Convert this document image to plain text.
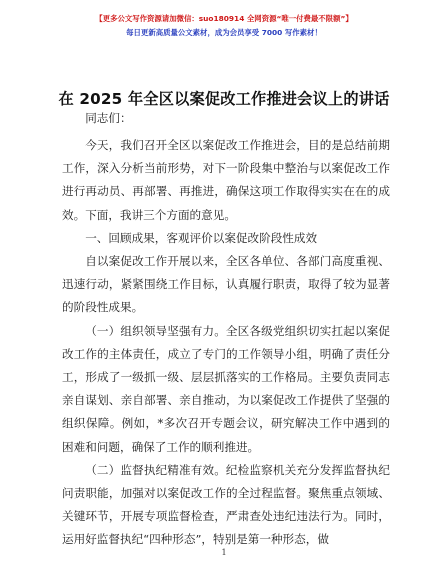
【更多公文写作资源请加微信：suo180914 全网资源“唯一付费最不限额”】
每日更新高质量公文素材，成为会员享受 7000 写作素材！
在 2025 年全区以案促改工作推进会议上的讲话

同志们：

今天，我们召开全区以案促改工作推进会，目的是总结前期工作，深入分析当前形势，对下一阶段集中整治与以案促改工作进行再动员、再部署、再推进，确保这项工作取得实实在在的成效。下面，我讲三个方面的意见。

一、回顾成果，客观评价以案促改阶段性成效

自以案促改工作开展以来，全区各单位、各部门高度重视、迅速行动，紧紧围绕工作目标，认真履行职责，取得了较为显著的阶段性成果。

（一）组织领导坚强有力。全区各级党组织切实扛起以案促改工作的主体责任，成立了专门的工作领导小组，明确了责任分工，形成了一级抓一级、层层抓落实的工作格局。主要负责同志亲自谋划、亲自部署、亲自推动，为以案促改工作提供了坚强的组织保障。例如，*多次召开专题会议，研究解决工作中遇到的困难和问题，确保了工作的顺利推进。

（二）监督执纪精准有效。纪检监察机关充分发挥监督执纪问责职能，加强对以案促改工作的全过程监督。聚焦重点领域、关键环节，开展专项监督检查，严肃查处违纪违法行为。同时，运用好监督执纪“四种形态”，特别是第一种形态，做

1
